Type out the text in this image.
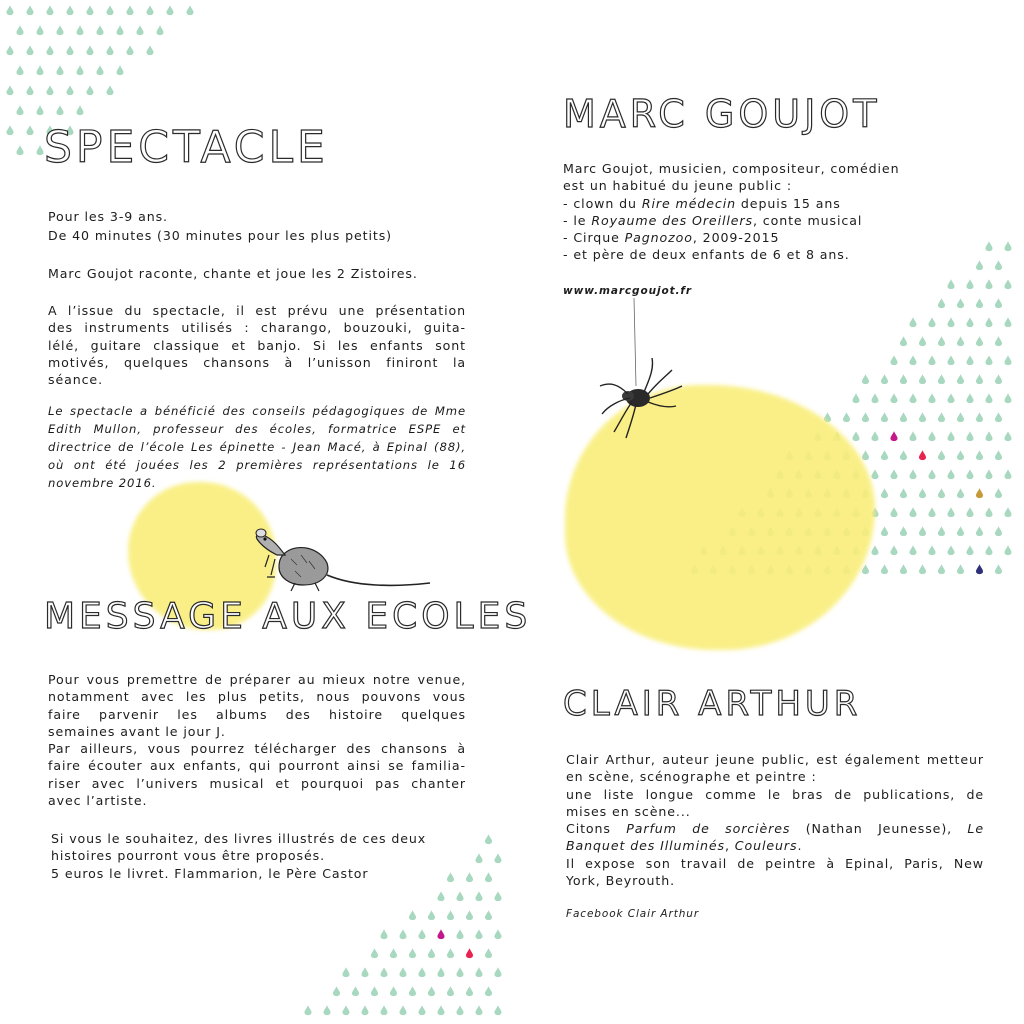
SPECTACLE

Pour les 3-9 ans.

De 40 minutes (30 minutes pour les plus petits)

Marc Goujot raconte, chante et joue les 2 Zistoires.

A l’issue du spectacle, il est prévu une présentation
des instruments utilisés : charango, bouzouki, guita-
lélé, guitare classique et banjo. Si les enfants sont
motivés, quelques chansons à l’unisson finiront la
séance.
Le spectacle a bénéficié des conseils pédagogiques de Mme
Edith Mullon, professeur des écoles, formatrice ESPE et
directrice de l’école Les épinette - Jean Macé, à Epinal (88),
où ont été jouées les 2 premières représentations le 16
novembre 2016.
MESSAGE AUX ECOLES
Pour vous premettre de préparer au mieux notre venue,
notamment avec les plus petits, nous pouvons vous
faire parvenir les albums des histoire quelques
semaines avant le jour J.
Par ailleurs, vous pourrez télécharger des chansons à
faire écouter aux enfants, qui pourront ainsi se familia-
riser avec l’univers musical et pourquoi pas chanter
avec l’artiste.
Si vous le souhaitez, des livres illustrés de ces deux
histoires pourront vous être proposés.
5 euros le livret. Flammarion, le Père Castor
MARC GOUJOT
Marc Goujot, musicien, compositeur, comédien
est un habitué du jeune public :
- clown du Rire médecin depuis 15 ans
- le Royaume des Oreillers, conte musical
- Cirque Pagnozoo, 2009-2015
- et père de deux enfants de 6 et 8 ans.
www.marcgoujot.fr
CLAIR ARTHUR
Clair Arthur, auteur jeune public, est également metteur
en scène, scénographe et peintre :
une liste longue comme le bras de publications, de
mises en scène...
Citons Parfum de sorcières (Nathan Jeunesse), Le
Banquet des Illuminés, Couleurs.
Il expose son travail de peintre à Epinal, Paris, New
York, Beyrouth.
Facebook Clair Arthur
